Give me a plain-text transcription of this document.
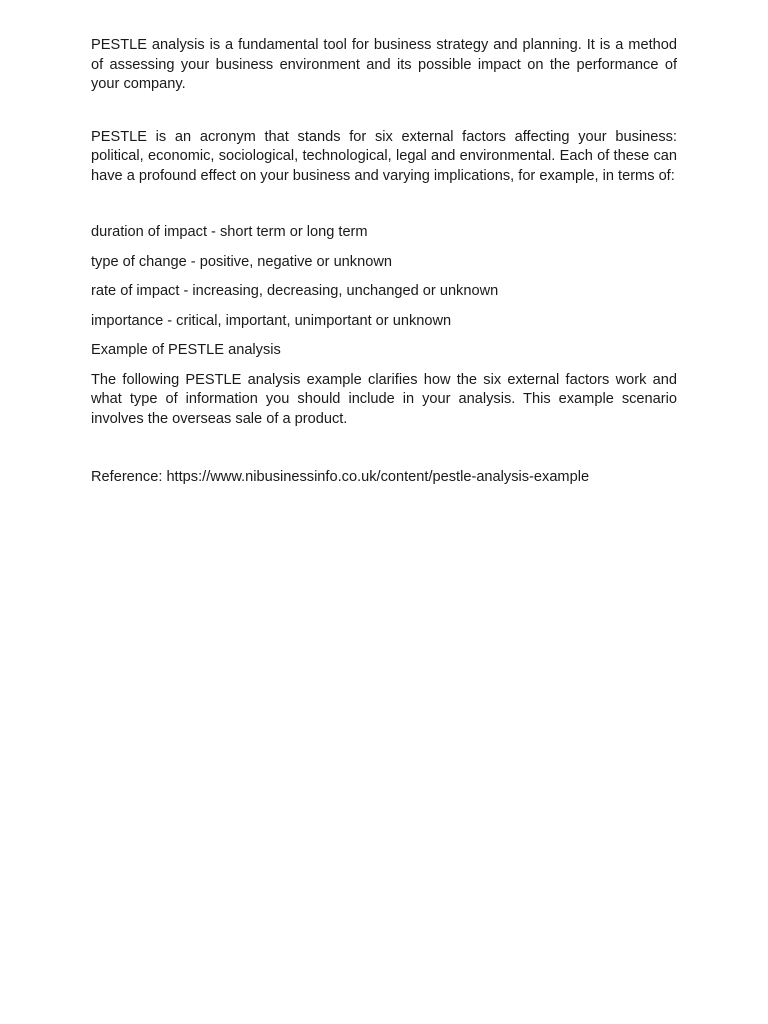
PESTLE analysis is a fundamental tool for business strategy and planning. It is a method of assessing your business environment and its possible impact on the performance of your company.

PESTLE is an acronym that stands for six external factors affecting your business: political, economic, sociological, technological, legal and environmental. Each of these can have a profound effect on your business and varying implications, for example, in terms of:

duration of impact - short term or long term

type of change - positive, negative or unknown

rate of impact - increasing, decreasing, unchanged or unknown

importance - critical, important, unimportant or unknown

Example of PESTLE analysis

The following PESTLE analysis example clarifies how the six external factors work and what type of information you should include in your analysis. This example scenario involves the overseas sale of a product.

Reference: https://www.nibusinessinfo.co.uk/content/pestle-analysis-example
